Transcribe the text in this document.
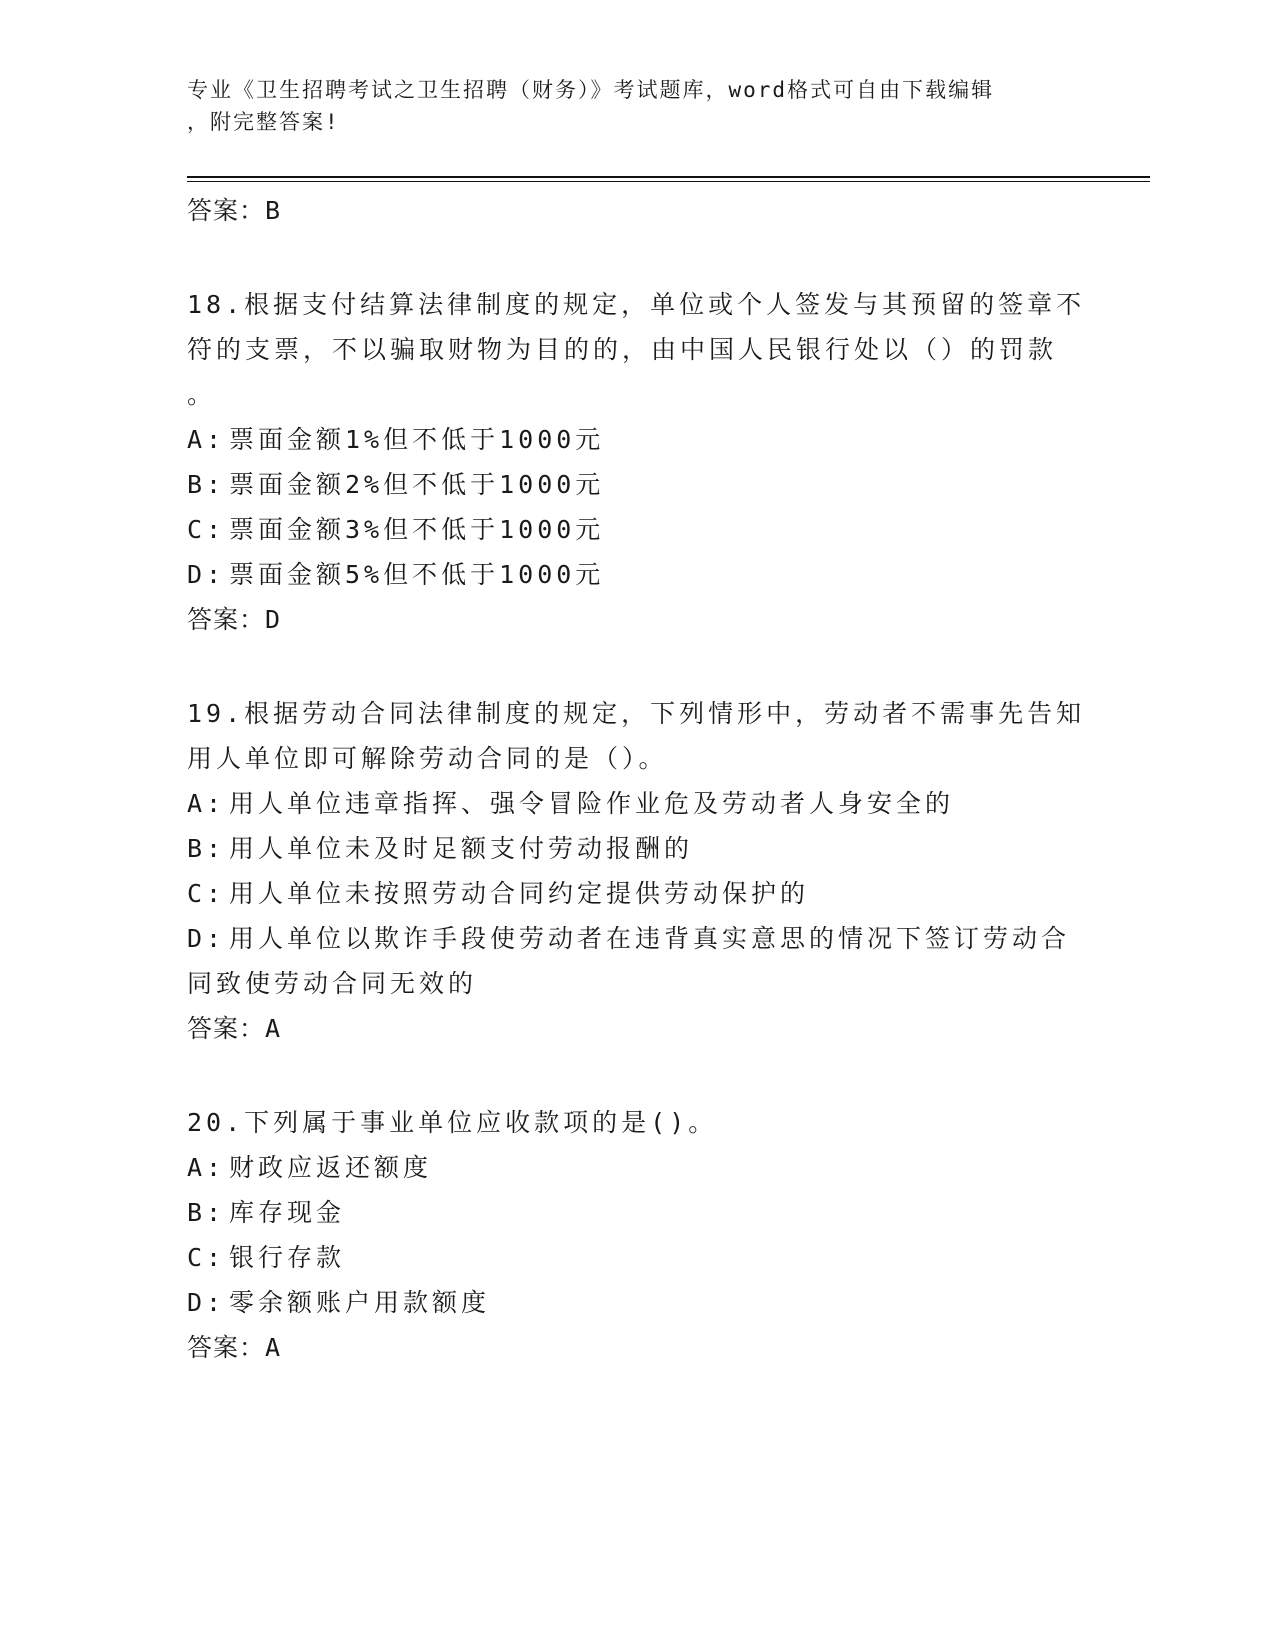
专业《卫生招聘考试之卫生招聘（财务）》考试题库，word格式可自由下载编辑
，附完整答案!
答案：B
18.根据支付结算法律制度的规定，单位或个人签发与其预留的签章不
符的支票，不以骗取财物为目的的，由中国人民银行处以（）的罚款
。
A: 票面金额1%但不低于1000元
B: 票面金额2%但不低于1000元
C: 票面金额3%但不低于1000元
D: 票面金额5%但不低于1000元
答案：D
19.根据劳动合同法律制度的规定，下列情形中，劳动者不需事先告知
用人单位即可解除劳动合同的是（）。
A: 用人单位违章指挥、强令冒险作业危及劳动者人身安全的
B: 用人单位未及时足额支付劳动报酬的
C: 用人单位未按照劳动合同约定提供劳动保护的
D: 用人单位以欺诈手段使劳动者在违背真实意思的情况下签订劳动合
同致使劳动合同无效的
答案：A
20.下列属于事业单位应收款项的是()。
A: 财政应返还额度
B: 库存现金
C: 银行存款
D: 零余额账户用款额度
答案：A
